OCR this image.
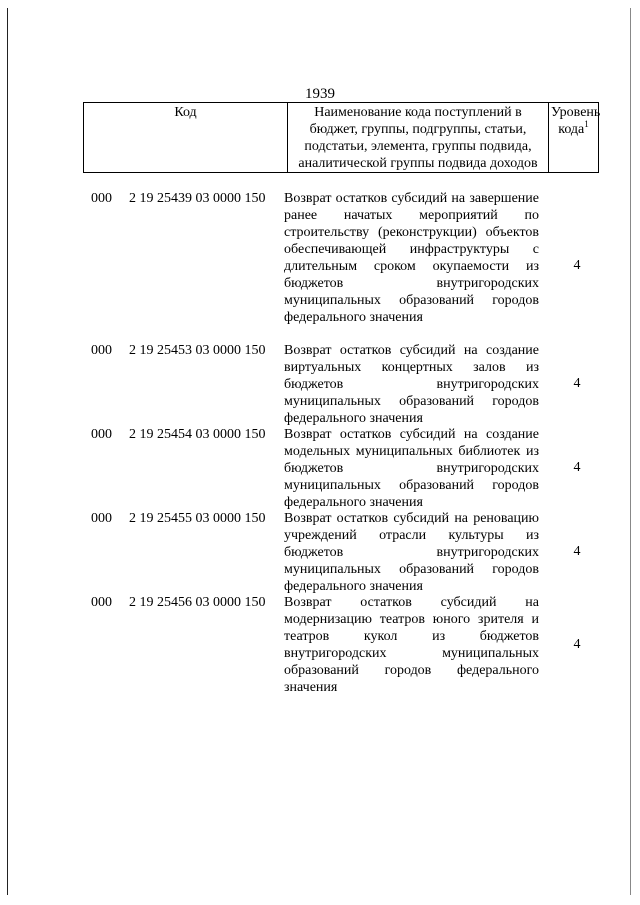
1939
Код	Наименование кода поступлений в бюджет, группы, подгруппы, статьи, подстатьи, элемента, группы подвида, аналитической группы подвида доходов	Уровень кода$^1$
000 2 19 25439 03 0000 150 Возврат остатков субсидий на завершение ранее начатых мероприятий по строительству (реконструкции) объектов обеспечивающей инфраструктуры с длительным сроком окупаемости из бюджетов внутригородских муниципальных образований городов федерального значения
4
000 2 19 25453 03 0000 150 Возврат остатков субсидий на создание виртуальных концертных залов из бюджетов внутригородских муниципальных образований городов федерального значения
4
000 2 19 25454 03 0000 150 Возврат остатков субсидий на создание модельных муниципальных библиотек из бюджетов внутригородских муниципальных образований городов федерального значения
4
000 2 19 25455 03 0000 150 Возврат остатков субсидий на реновацию учреждений отрасли культуры из бюджетов внутригородских муниципальных образований городов федерального значения
4
000 2 19 25456 03 0000 150 Возврат остатков субсидий на модернизацию театров юного зрителя и театров кукол из бюджетов внутригородских муниципальных образований городов федерального значения
4
